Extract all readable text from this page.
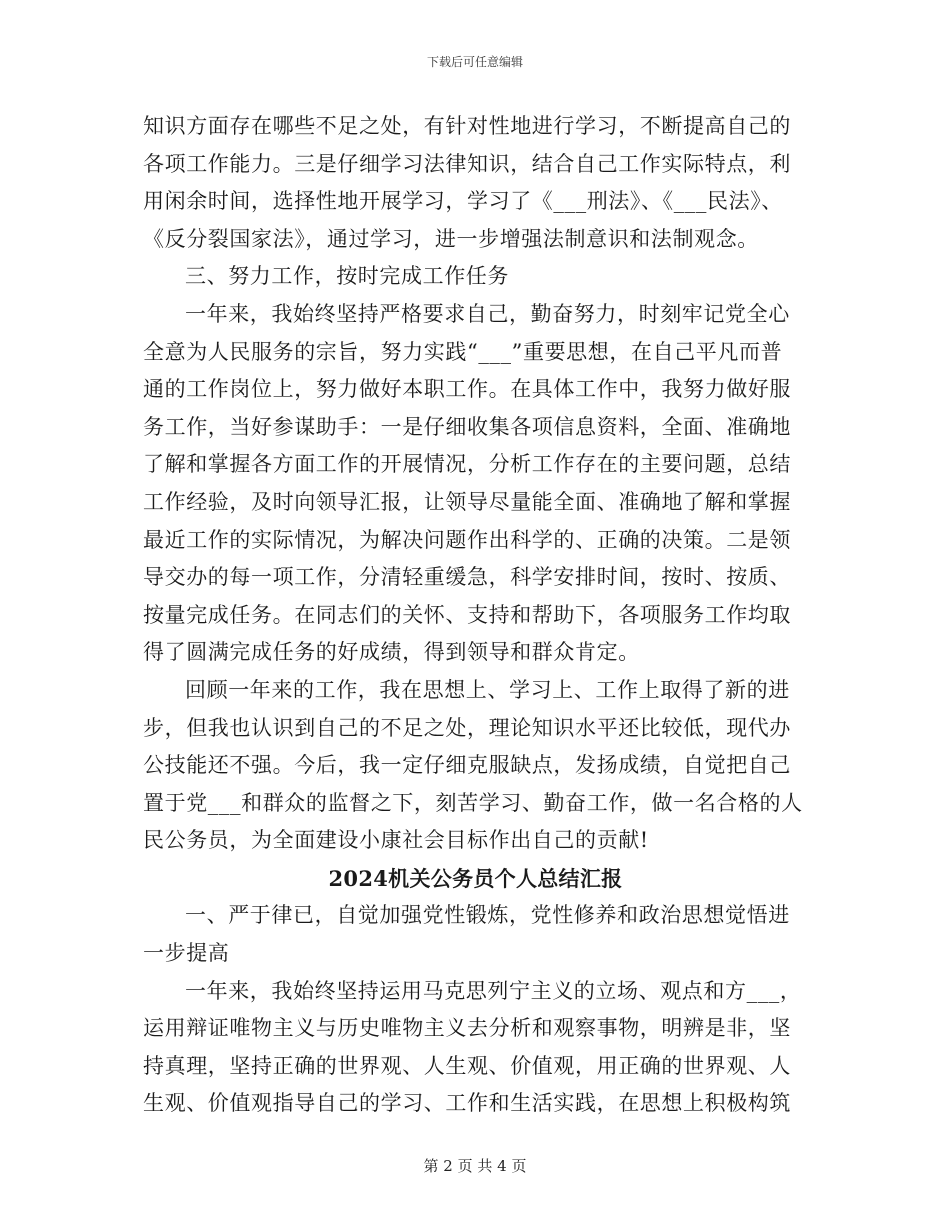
下载后可任意编辑
知识方面存在哪些不足之处，有针对性地进行学习，不断提高自己的
各项工作能力。三是仔细学习法律知识，结合自己工作实际特点，利
用闲余时间，选择性地开展学习，学习了《___刑法》、《___民法》、
《反分裂国家法》，通过学习，进一步增强法制意识和法制观念。
三、努力工作，按时完成工作任务
一年来，我始终坚持严格要求自己，勤奋努力，时刻牢记党全心
全意为人民服务的宗旨，努力实践“___”重要思想，在自己平凡而普
通的工作岗位上，努力做好本职工作。在具体工作中，我努力做好服
务工作，当好参谋助手：一是仔细收集各项信息资料，全面、准确地
了解和掌握各方面工作的开展情况，分析工作存在的主要问题，总结
工作经验，及时向领导汇报，让领导尽量能全面、准确地了解和掌握
最近工作的实际情况，为解决问题作出科学的、正确的决策。二是领
导交办的每一项工作，分清轻重缓急，科学安排时间，按时、按质、
按量完成任务。在同志们的关怀、支持和帮助下，各项服务工作均取
得了圆满完成任务的好成绩，得到领导和群众肯定。
回顾一年来的工作，我在思想上、学习上、工作上取得了新的进
步，但我也认识到自己的不足之处，理论知识水平还比较低，现代办
公技能还不强。今后，我一定仔细克服缺点，发扬成绩，自觉把自己
置于党___和群众的监督之下，刻苦学习、勤奋工作，做一名合格的人
民公务员，为全面建设小康社会目标作出自己的贡献!
2024机关公务员个人总结汇报
一、严于律已，自觉加强党性锻炼，党性修养和政治思想觉悟进
一步提高
一年来，我始终坚持运用马克思列宁主义的立场、观点和方___，
运用辩证唯物主义与历史唯物主义去分析和观察事物，明辨是非，坚
持真理，坚持正确的世界观、人生观、价值观，用正确的世界观、人
生观、价值观指导自己的学习、工作和生活实践，在思想上积极构筑
第 2 页 共 4 页
